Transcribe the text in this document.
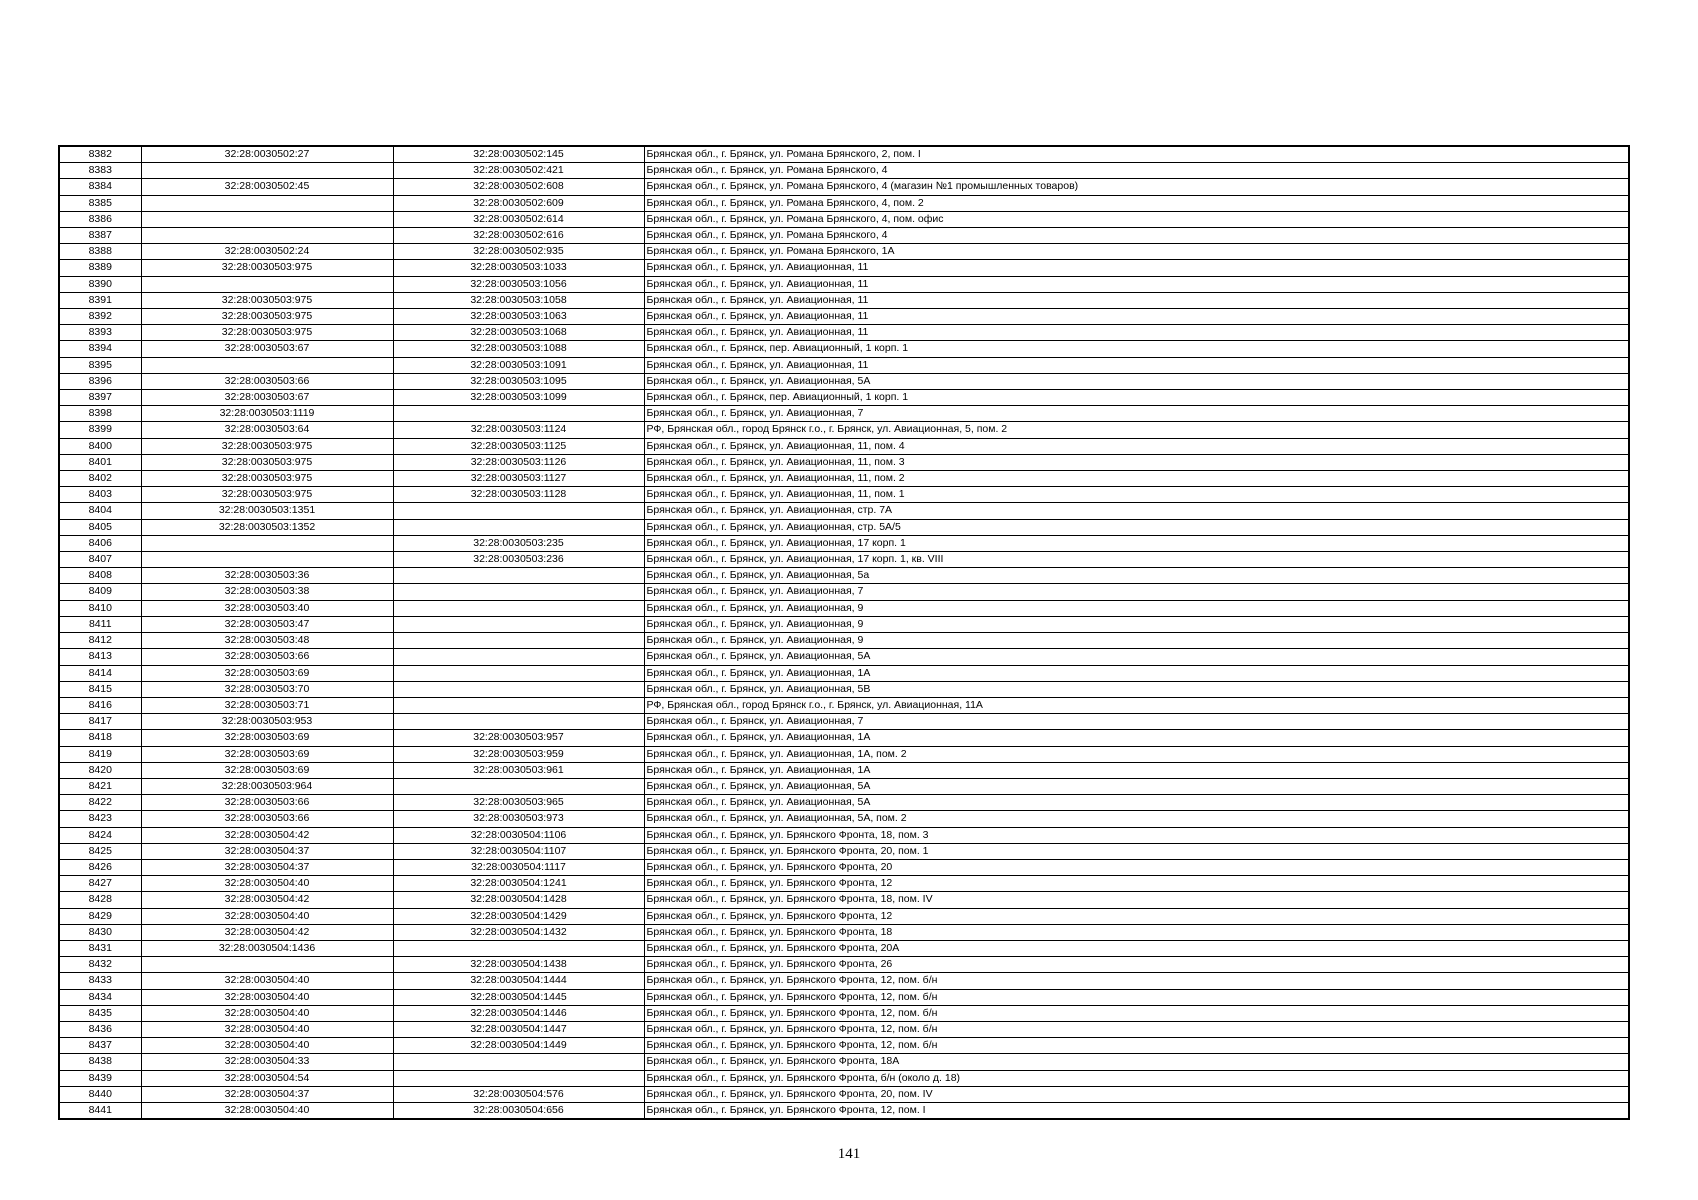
8382	32:28:0030502:27	32:28:0030502:145	Брянская обл., г. Брянск, ул. Романа Брянского, 2, пом. I
8383		32:28:0030502:421	Брянская обл., г. Брянск, ул. Романа Брянского, 4
8384	32:28:0030502:45	32:28:0030502:608	Брянская обл., г. Брянск, ул. Романа Брянского, 4 (магазин №1 промышленных товаров)
8385		32:28:0030502:609	Брянская обл., г. Брянск, ул. Романа Брянского, 4, пом. 2
8386		32:28:0030502:614	Брянская обл., г. Брянск, ул. Романа Брянского, 4, пом. офис
8387		32:28:0030502:616	Брянская обл., г. Брянск, ул. Романа Брянского, 4
8388	32:28:0030502:24	32:28:0030502:935	Брянская обл., г. Брянск, ул. Романа Брянского, 1А
8389	32:28:0030503:975	32:28:0030503:1033	Брянская обл., г. Брянск, ул. Авиационная, 11
8390		32:28:0030503:1056	Брянская обл., г. Брянск, ул. Авиационная, 11
8391	32:28:0030503:975	32:28:0030503:1058	Брянская обл., г. Брянск, ул. Авиационная, 11
8392	32:28:0030503:975	32:28:0030503:1063	Брянская обл., г. Брянск, ул. Авиационная, 11
8393	32:28:0030503:975	32:28:0030503:1068	Брянская обл., г. Брянск, ул. Авиационная, 11
8394	32:28:0030503:67	32:28:0030503:1088	Брянская обл., г. Брянск, пер. Авиационный, 1 корп. 1
8395		32:28:0030503:1091	Брянская обл., г. Брянск, ул. Авиационная, 11
8396	32:28:0030503:66	32:28:0030503:1095	Брянская обл., г. Брянск, ул. Авиационная, 5А
8397	32:28:0030503:67	32:28:0030503:1099	Брянская обл., г. Брянск, пер. Авиационный, 1 корп. 1
8398	32:28:0030503:1119		Брянская обл., г. Брянск, ул. Авиационная, 7
8399	32:28:0030503:64	32:28:0030503:1124	РФ, Брянская обл., город Брянск г.о., г. Брянск, ул. Авиационная, 5, пом. 2
8400	32:28:0030503:975	32:28:0030503:1125	Брянская обл., г. Брянск, ул. Авиационная, 11, пом. 4
8401	32:28:0030503:975	32:28:0030503:1126	Брянская обл., г. Брянск, ул. Авиационная, 11, пом. 3
8402	32:28:0030503:975	32:28:0030503:1127	Брянская обл., г. Брянск, ул. Авиационная, 11, пом. 2
8403	32:28:0030503:975	32:28:0030503:1128	Брянская обл., г. Брянск, ул. Авиационная, 11, пом. 1
8404	32:28:0030503:1351		Брянская обл., г. Брянск, ул. Авиационная, стр. 7А
8405	32:28:0030503:1352		Брянская обл., г. Брянск, ул. Авиационная, стр. 5А/5
8406		32:28:0030503:235	Брянская обл., г. Брянск, ул. Авиационная, 17 корп. 1
8407		32:28:0030503:236	Брянская обл., г. Брянск, ул. Авиационная, 17 корп. 1, кв. VIII
8408	32:28:0030503:36		Брянская обл., г. Брянск, ул. Авиационная, 5а
8409	32:28:0030503:38		Брянская обл., г. Брянск, ул. Авиационная, 7
8410	32:28:0030503:40		Брянская обл., г. Брянск, ул. Авиационная, 9
8411	32:28:0030503:47		Брянская обл., г. Брянск, ул. Авиационная, 9
8412	32:28:0030503:48		Брянская обл., г. Брянск, ул. Авиационная, 9
8413	32:28:0030503:66		Брянская обл., г. Брянск, ул. Авиационная, 5А
8414	32:28:0030503:69		Брянская обл., г. Брянск, ул. Авиационная, 1А
8415	32:28:0030503:70		Брянская обл., г. Брянск, ул. Авиационная, 5В
8416	32:28:0030503:71		РФ, Брянская обл., город Брянск г.о., г. Брянск, ул. Авиационная, 11А
8417	32:28:0030503:953		Брянская обл., г. Брянск, ул. Авиационная, 7
8418	32:28:0030503:69	32:28:0030503:957	Брянская обл., г. Брянск, ул. Авиационная, 1А
8419	32:28:0030503:69	32:28:0030503:959	Брянская обл., г. Брянск, ул. Авиационная, 1А, пом. 2
8420	32:28:0030503:69	32:28:0030503:961	Брянская обл., г. Брянск, ул. Авиационная, 1А
8421	32:28:0030503:964		Брянская обл., г. Брянск, ул. Авиационная, 5А
8422	32:28:0030503:66	32:28:0030503:965	Брянская обл., г. Брянск, ул. Авиационная, 5А
8423	32:28:0030503:66	32:28:0030503:973	Брянская обл., г. Брянск, ул. Авиационная, 5А, пом. 2
8424	32:28:0030504:42	32:28:0030504:1106	Брянская обл., г. Брянск, ул. Брянского Фронта, 18, пом. 3
8425	32:28:0030504:37	32:28:0030504:1107	Брянская обл., г. Брянск, ул. Брянского Фронта, 20, пом. 1
8426	32:28:0030504:37	32:28:0030504:1117	Брянская обл., г. Брянск, ул. Брянского Фронта, 20
8427	32:28:0030504:40	32:28:0030504:1241	Брянская обл., г. Брянск, ул. Брянского Фронта, 12
8428	32:28:0030504:42	32:28:0030504:1428	Брянская обл., г. Брянск, ул. Брянского Фронта, 18, пом. IV
8429	32:28:0030504:40	32:28:0030504:1429	Брянская обл., г. Брянск, ул. Брянского Фронта, 12
8430	32:28:0030504:42	32:28:0030504:1432	Брянская обл., г. Брянск, ул. Брянского Фронта, 18
8431	32:28:0030504:1436		Брянская обл., г. Брянск, ул. Брянского Фронта, 20А
8432		32:28:0030504:1438	Брянская обл., г. Брянск, ул. Брянского Фронта, 26
8433	32:28:0030504:40	32:28:0030504:1444	Брянская обл., г. Брянск, ул. Брянского Фронта, 12, пом. б/н
8434	32:28:0030504:40	32:28:0030504:1445	Брянская обл., г. Брянск, ул. Брянского Фронта, 12, пом. б/н
8435	32:28:0030504:40	32:28:0030504:1446	Брянская обл., г. Брянск, ул. Брянского Фронта, 12, пом. б/н
8436	32:28:0030504:40	32:28:0030504:1447	Брянская обл., г. Брянск, ул. Брянского Фронта, 12, пом. б/н
8437	32:28:0030504:40	32:28:0030504:1449	Брянская обл., г. Брянск, ул. Брянского Фронта, 12, пом. б/н
8438	32:28:0030504:33		Брянская обл., г. Брянск, ул. Брянского Фронта, 18А
8439	32:28:0030504:54		Брянская обл., г. Брянск, ул. Брянского Фронта, б/н (около д. 18)
8440	32:28:0030504:37	32:28:0030504:576	Брянская обл., г. Брянск, ул. Брянского Фронта, 20, пом. IV
8441	32:28:0030504:40	32:28:0030504:656	Брянская обл., г. Брянск, ул. Брянского Фронта, 12, пом. I
141
